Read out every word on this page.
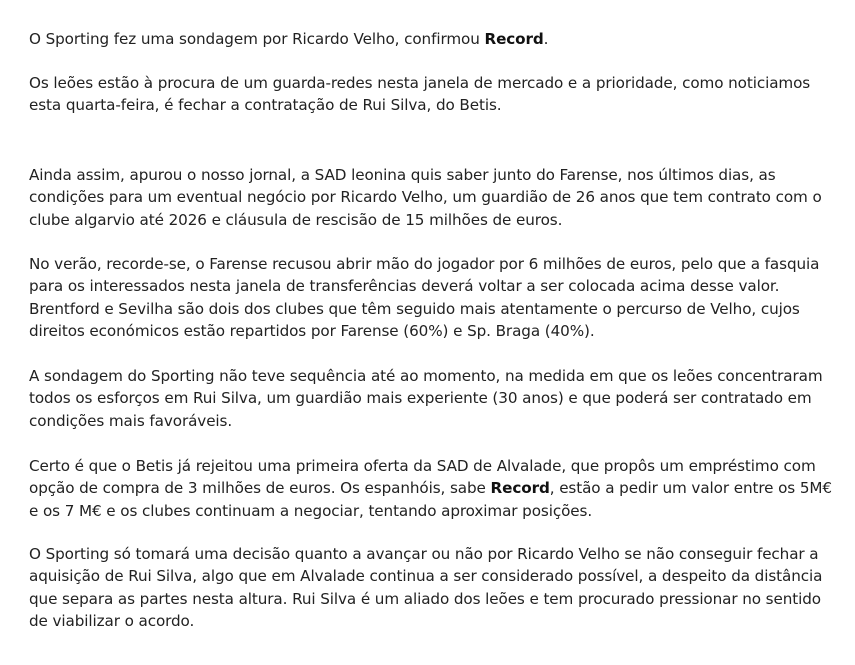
O Sporting fez uma sondagem por Ricardo Velho, confirmou Record.

Os leões estão à procura de um guarda-redes nesta janela de mercado e a prioridade, como noticiamos esta quarta-feira, é fechar a contratação de Rui Silva, do Betis.

Ainda assim, apurou o nosso jornal, a SAD leonina quis saber junto do Farense, nos últimos dias, as condições para um eventual negócio por Ricardo Velho, um guardião de 26 anos que tem contrato com o clube algarvio até 2026 e cláusula de rescisão de 15 milhões de euros.

No verão, recorde-se, o Farense recusou abrir mão do jogador por 6 milhões de euros, pelo que a fasquia para os interessados nesta janela de transferências deverá voltar a ser colocada acima desse valor. Brentford e Sevilha são dois dos clubes que têm seguido mais atentamente o percurso de Velho, cujos direitos económicos estão repartidos por Farense (60%) e Sp. Braga (40%).

A sondagem do Sporting não teve sequência até ao momento, na medida em que os leões concentraram todos os esforços em Rui Silva, um guardião mais experiente (30 anos) e que poderá ser contratado em condições mais favoráveis.

Certo é que o Betis já rejeitou uma primeira oferta da SAD de Alvalade, que propôs um empréstimo com opção de compra de 3 milhões de euros. Os espanhóis, sabe Record, estão a pedir um valor entre os 5M€ e os 7 M€ e os clubes continuam a negociar, tentando aproximar posições.

O Sporting só tomará uma decisão quanto a avançar ou não por Ricardo Velho se não conseguir fechar a aquisição de Rui Silva, algo que em Alvalade continua a ser considerado possível, a despeito da distância que separa as partes nesta altura. Rui Silva é um aliado dos leões e tem procurado pressionar no sentido de viabilizar o acordo.
